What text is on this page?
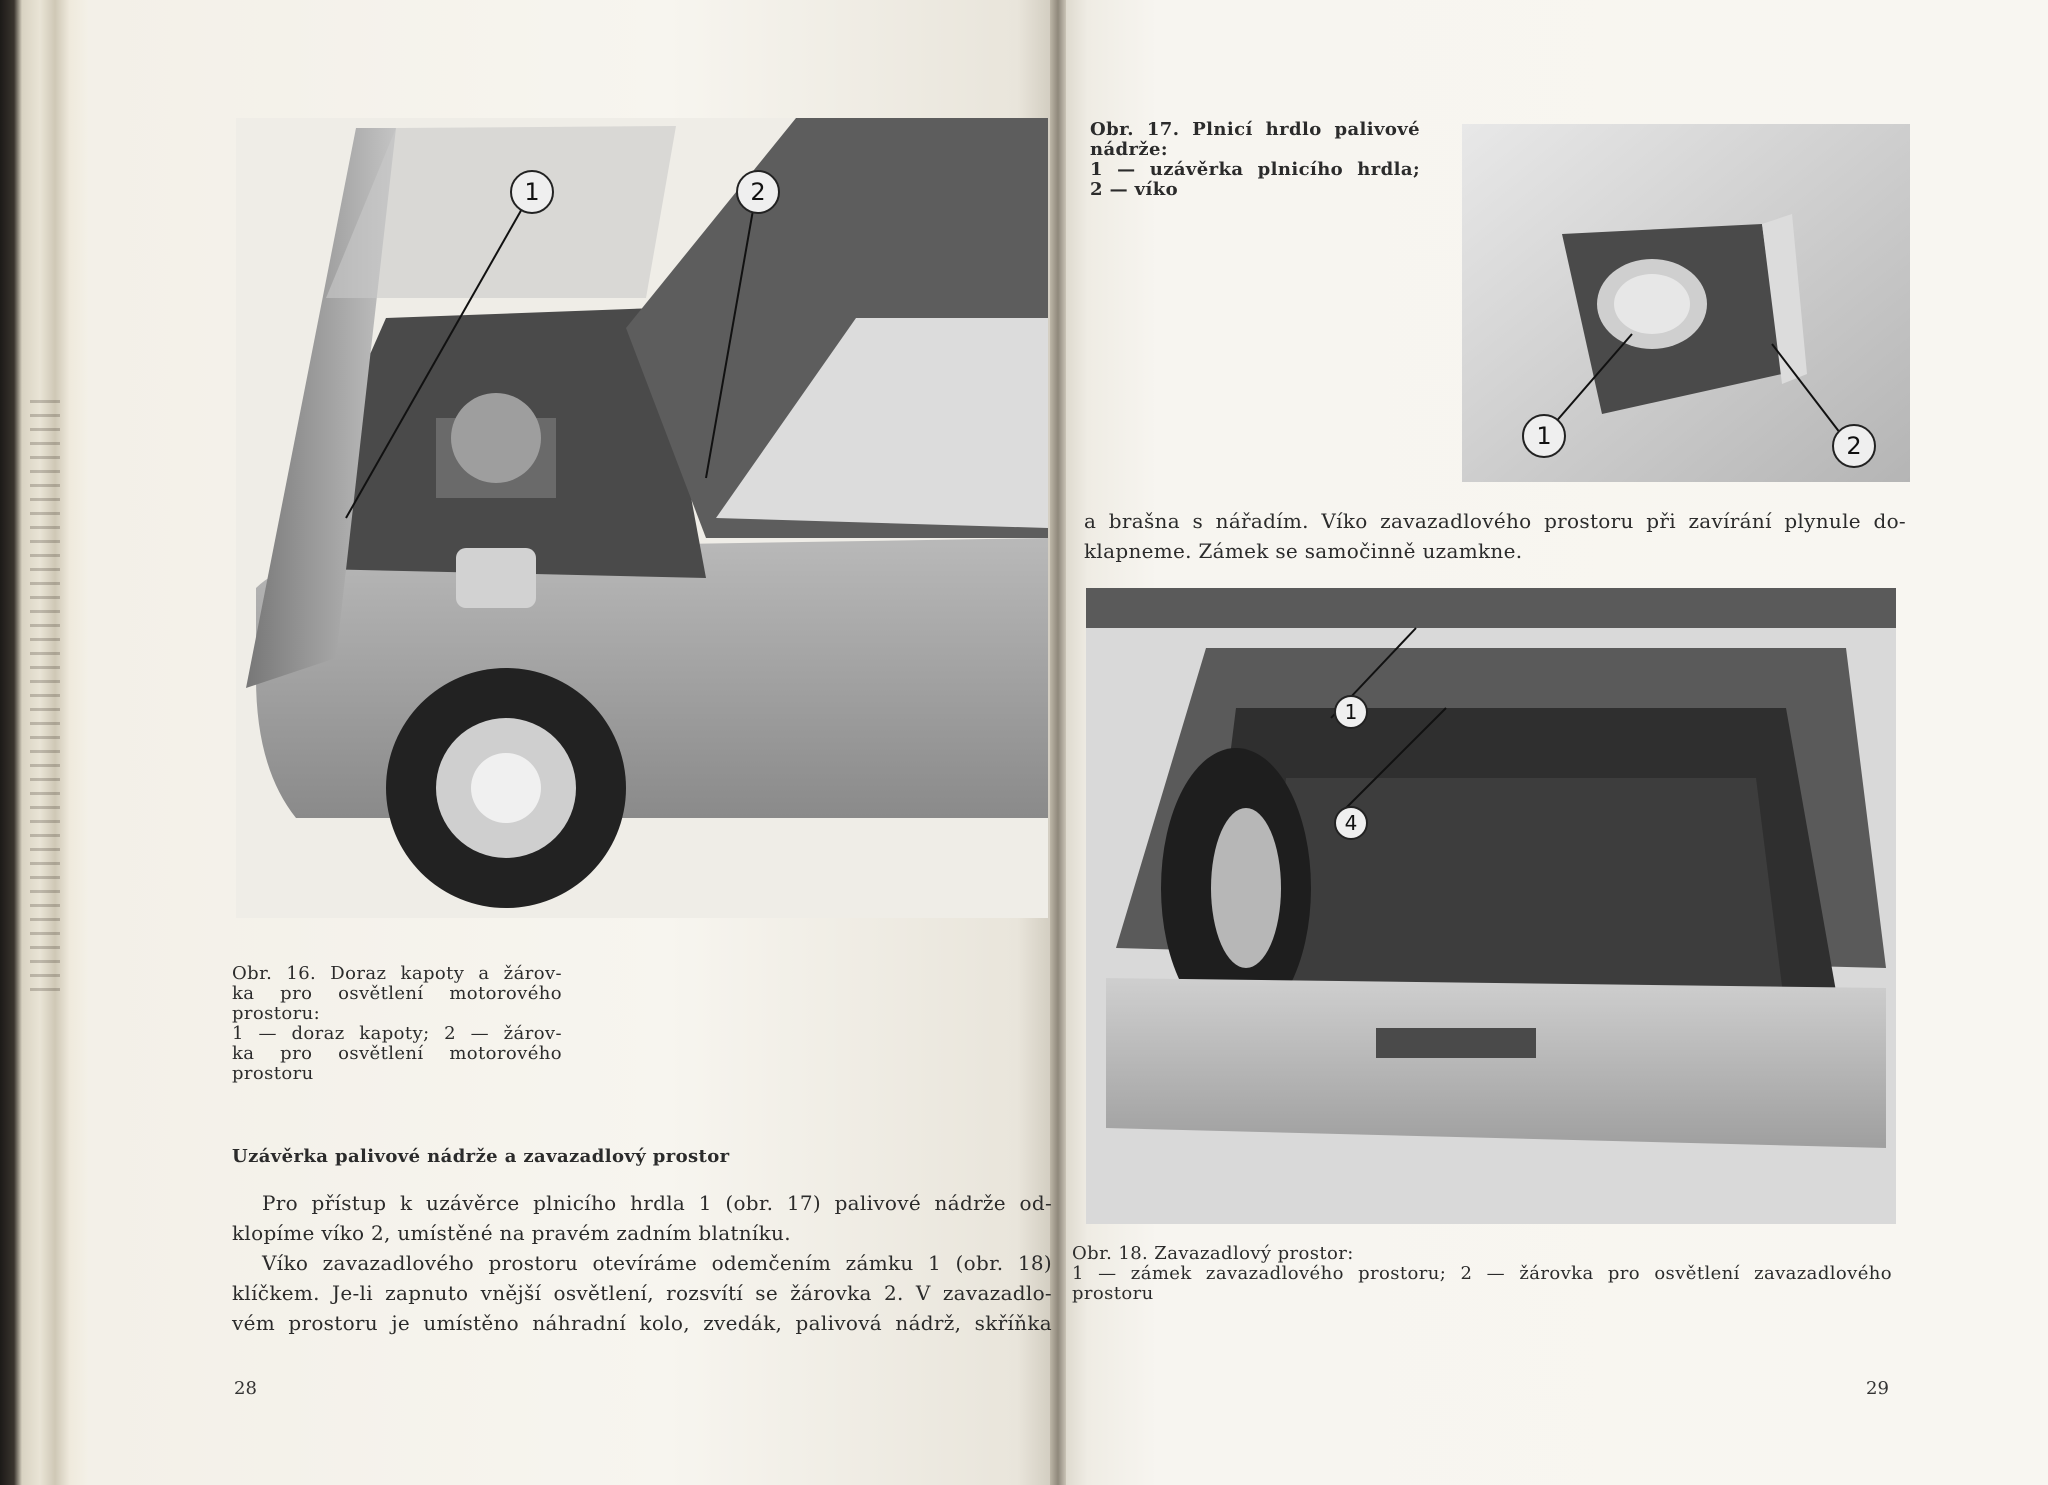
1	2
Obr. 16. Doraz kapoty a žárov-
ka pro osvětlení motorového
prostoru:
1 — doraz kapoty; 2 — žárov-
ka pro osvětlení motorového
prostoru
Uzávěrka palivové nádrže a zavazadlový prostor
Pro přístup k uzávěrce plnicího hrdla 1 (obr. 17) palivové nádrže od-
klopíme víko 2, umístěné na pravém zadním blatníku.
Víko zavazadlového prostoru otevíráme odemčením zámku 1 (obr. 18)
klíčkem. Je-li zapnuto vnější osvětlení, rozsvítí se žárovka 2. V zavazadlo-
vém prostoru je umístěno náhradní kolo, zvedák, palivová nádrž, skříňka
28
Obr. 17. Plnicí hrdlo palivové
nádrže:
1 — uzávěrka plnicího hrdla;
2 — víko
1	2
a brašna s nářadím. Víko zavazadlového prostoru při zavírání plynule do-
klapneme. Zámek se samočinně uzamkne.
1
4
Obr. 18. Zavazadlový prostor:
1 — zámek zavazadlového prostoru; 2 — žárovka pro osvětlení zavazadlového
prostoru
29
